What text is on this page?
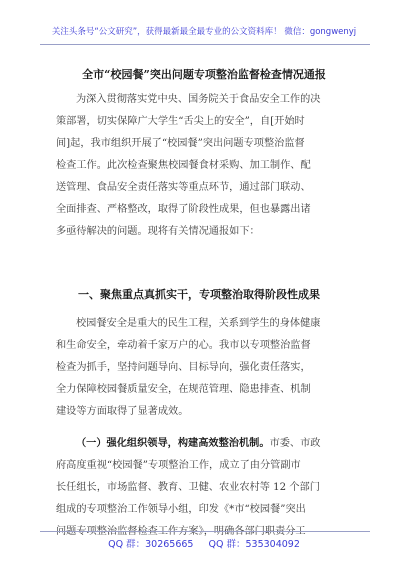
关注头条号“公文研究”，获得最新最全最专业的公文资料库！ 微信：gongwenyj
全市“校园餐”突出问题专项整治监督检查情况通报
为深入贯彻落实党中央、国务院关于食品安全工作的决
策部署，切实保障广大学生“舌尖上的安全”，自[开始时
间]起，我市组织开展了“校园餐”突出问题专项整治监督
检查工作。此次检查聚焦校园餐食材采购、加工制作、配
送管理、食品安全责任落实等重点环节，通过部门联动、
全面排查、严格整改，取得了阶段性成果，但也暴露出诸
多亟待解决的问题。现将有关情况通报如下：
一、聚焦重点真抓实干，专项整治取得阶段性成果
校园餐安全是重大的民生工程，关系到学生的身体健康
和生命安全，牵动着千家万户的心。我市以专项整治监督
检查为抓手，坚持问题导向、目标导向，强化责任落实，
全力保障校园餐质量安全，在规范管理、隐患排查、机制
建设等方面取得了显著成效。
（一）强化组织领导，构建高效整治机制。市委、市政
府高度重视“校园餐”专项整治工作，成立了由分管副市
长任组长，市场监督、教育、卫健、农业农村等 12 个部门
组成的专项整治工作领导小组，印发《*市“校园餐”突出
QQ 群：30265665 QQ 群：535304092
